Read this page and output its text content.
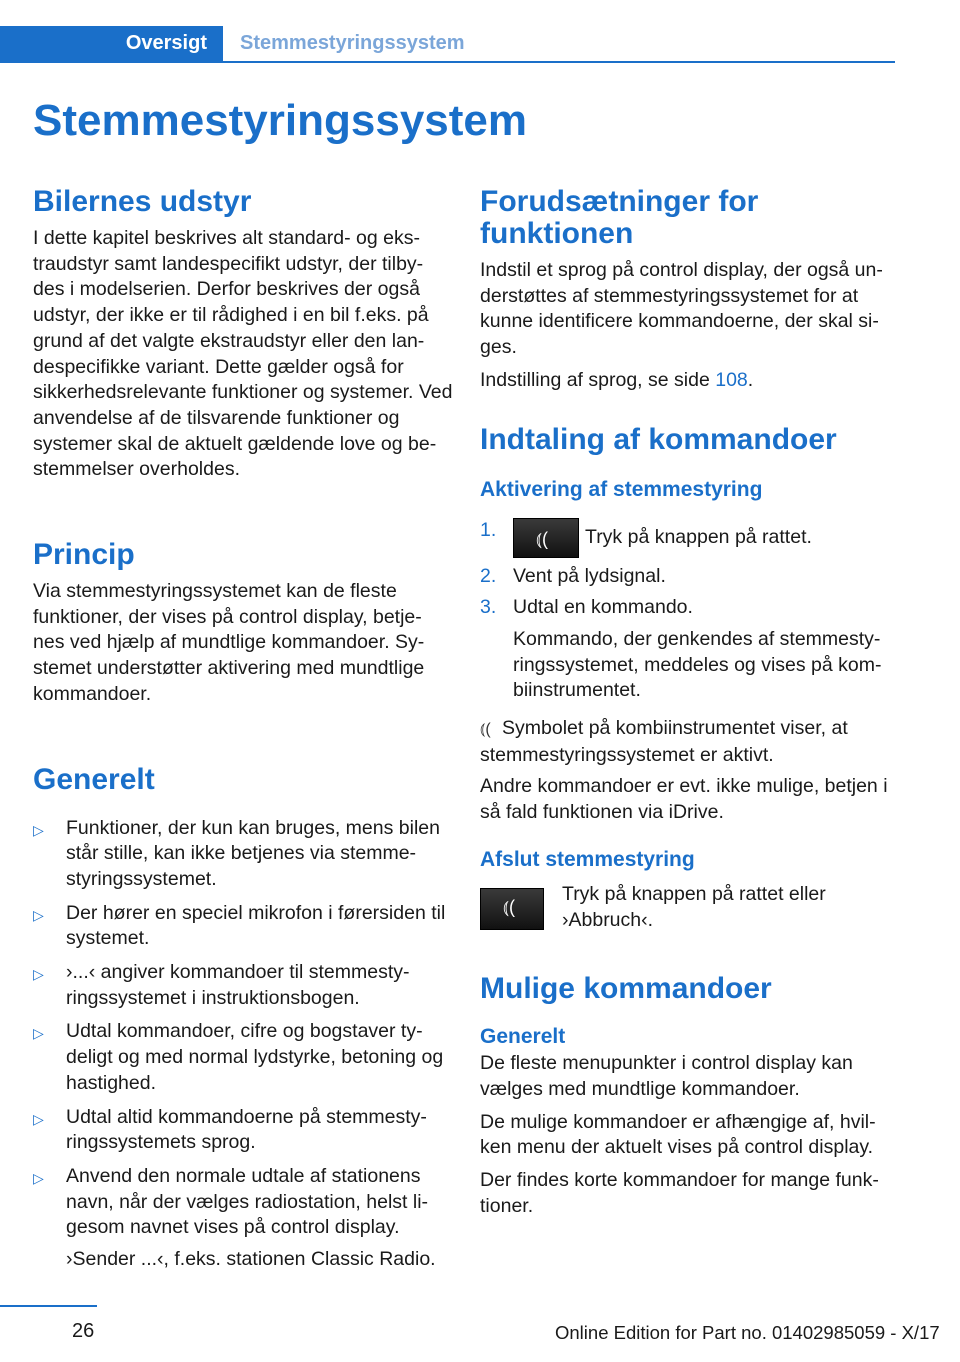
Oversigt	Stemmestyringssystem
Stemmestyringssystem
Bilernes udstyr

I dette kapitel beskrives alt standard- og eks-traudstyr samt landespecifikt udstyr, der tilby-des i modelserien. Derfor beskrives der også udstyr, der ikke er til rådighed i en bil f.eks. på grund af det valgte ekstraudstyr eller den lan-despecifikke variant. Dette gælder også for sikkerhedsrelevante funktioner og systemer. Ved anvendelse af de tilsvarende funktioner og systemer skal de aktuelt gældende love og be-stemmelser overholdes.

Princip

Via stemmestyringssystemet kan de fleste funktioner, der vises på control display, betje-nes ved hjælp af mundtlige kommandoer. Sy-stemet understøtter aktivering med mundtlige kommandoer.

Generelt
▷ Funktioner, der kun kan bruges, mens bilen står stille, kan ikke betjenes via stemme-styringssystemet.
▷ Der hører en speciel mikrofon i førersiden til systemet.
▷ ›...‹ angiver kommandoer til stemmesty-ringssystemet i instruktionsbogen.
▷ Udtal kommandoer, cifre og bogstaver ty-deligt og med normal lydstyrke, betoning og hastighed.
▷ Udtal altid kommandoerne på stemmesty-ringssystemets sprog.
▷ Anvend den normale udtale af stationens navn, når der vælges radiostation, helst li-gesom navnet vises på control display.
›Sender ...‹, f.eks. stationen Classic Radio.
Forudsætninger for funktionen

Indstil et sprog på control display, der også un-derstøttes af stemmestyringssystemet for at kunne identificere kommandoerne, der skal si-ges.

Indstilling af sprog, se side 108.

Indtaling af kommandoer
Aktivering af stemmestyring
1. ⦅( Tryk på knappen på rattet.
2. Vent på lydsignal.
3. Udtal en kommando.
Kommando, der genkendes af stemmesty-ringssystemet, meddeles og vises på kom-biinstrumentet.

⦅( Symbolet på kombiinstrumentet viser, at stemmestyringssystemet er aktivt.

Andre kommandoer er evt. ikke mulige, betjen i så fald funktionen via iDrive.

Afslut stemmestyring
⦅(

Tryk på knappen på rattet eller ›Abbruch‹.

Mulige kommandoer
Generelt

De fleste menupunkter i control display kan vælges med mundtlige kommandoer.

De mulige kommandoer er afhængige af, hvil-ken menu der aktuelt vises på control display.

Der findes korte kommandoer for mange funk-tioner.

26	Online Edition for Part no. 01402985059 - X/17
